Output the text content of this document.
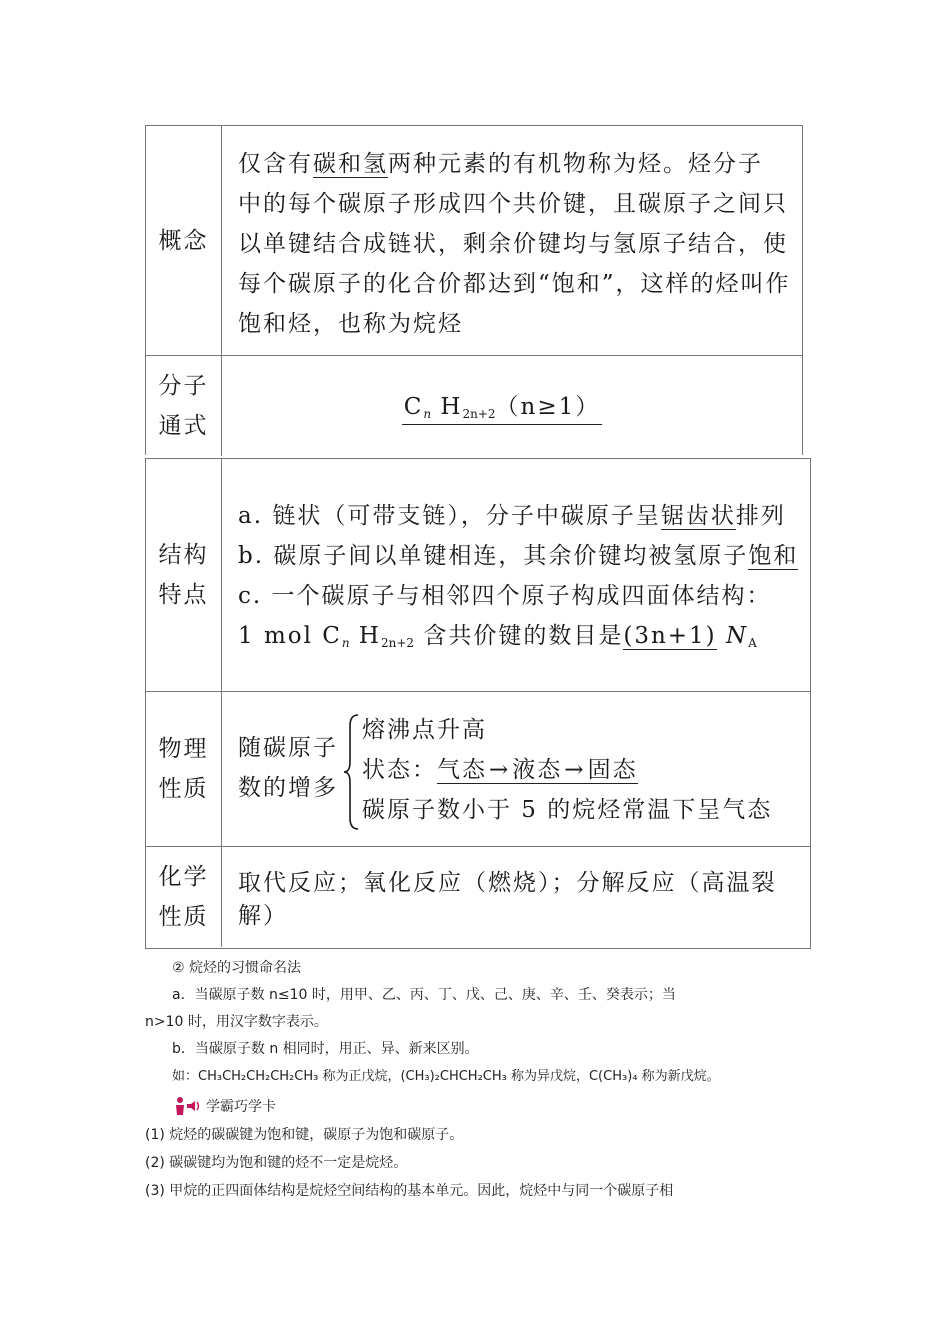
概念
仅含有碳和氢两种元素的有机物称为烃。烃分子
中的每个碳原子形成四个共价键，且碳原子之间只
以单键结合成链状，剩余价键均与氢原子结合，使
每个碳原子的化合价都达到“饱和”，这样的烃叫作
饱和烃，也称为烷烃
分子
通式
$C_n$ $H_{2n+2}(n\ge 1)$
结构
特点
a. 链状（可带支链），分子中碳原子呈锯齿状排列
b. 碳原子间以单键相连，其余价键均被氢原子饱和
c. 一个碳原子与相邻四个原子构成四面体结构：
1 mol $C_n$ $H_{2n+2}$ 含共价键的数目是(3n+1) $N_A$
物理
性质
随碳原子
数的增多
熔沸点升高
状态：气态→液态→固态
碳原子数小于 5 的烷烃常温下呈气态
化学
性质
取代反应；氧化反应（燃烧）；分解反应（高温裂解）
② 烷烃的习惯命名法
a．当碳原子数 n≤10 时，用甲、乙、丙、丁、戊、己、庚、辛、壬、癸表示；当
n>10 时，用汉字数字表示。
b．当碳原子数 n 相同时，用正、异、新来区别。
如：CH₃CH₂CH₂CH₂CH₃ 称为正戊烷，(CH₃)₂CHCH₂CH₃ 称为异戊烷，C(CH₃)₄ 称为新戊烷。
学霸巧学卡
(1) 烷烃的碳碳键为饱和键，碳原子为饱和碳原子。
(2) 碳碳键均为饱和键的烃不一定是烷烃。
(3) 甲烷的正四面体结构是烷烃空间结构的基本单元。因此，烷烃中与同一个碳原子相
